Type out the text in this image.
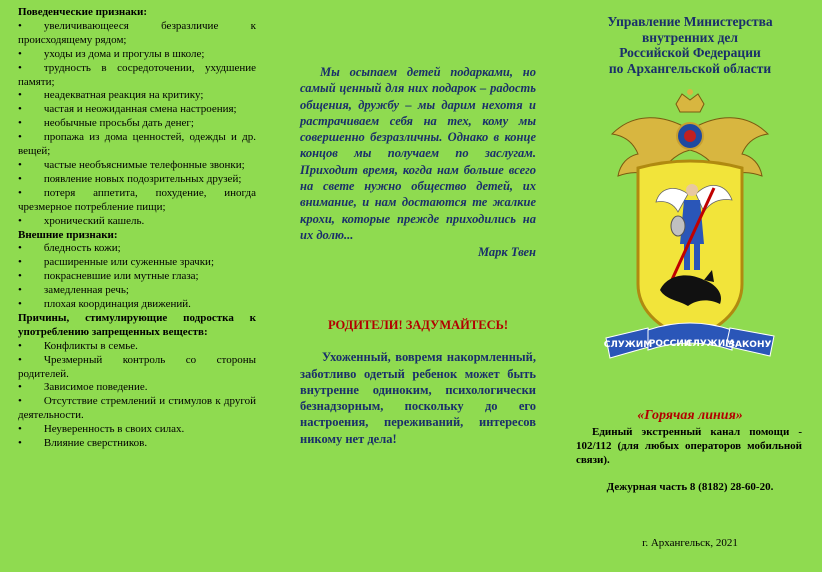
Поведенческие признаки:
• увеличивающееся безразличие к происходящему рядом;
• уходы из дома и прогулы в школе;
• трудность в сосредоточении, ухудшение памяти;
• неадекватная реакция на критику;
• частая и неожиданная смена настроения;
• необычные просьбы дать денег;
• пропажа из дома ценностей, одежды и др. вещей;
• частые необъяснимые телефонные звонки;
• появление новых подозрительных друзей;
• потеря аппетита, похудение, иногда чрезмерное потребление пищи;
• хронический кашель.
Внешние признаки:
• бледность кожи;
• расширенные или суженные зрачки;
• покрасневшие или мутные глаза;
• замедленная речь;
• плохая координация движений.
Причины, стимулирующие подростка к употреблению запрещенных веществ:
• Конфликты в семье.
• Чрезмерный контроль со стороны родителей.
• Зависимое поведение.
• Отсутствие стремлений и стимулов к другой деятельности.
• Неуверенность в своих силах.
• Влияние сверстников.

Мы осыпаем детей подарками, но самый ценный для них подарок – радость общения, дружбу – мы дарим нехотя и растрачиваем себя на тех, кому мы совершенно безразличны. Однако в конце концов мы получаем по заслугам. Приходит время, когда нам больше всего на свете нужно общество детей, их внимание, и нам достаются те жалкие крохи, которые прежде приходились на их долю...

Марк Твен
РОДИТЕЛИ! ЗАДУМАЙТЕСЬ!
Ухоженный, вовремя накормленный, заботливо одетый ребенок может быть внутренне одиноким, психологически безнадзорным, поскольку до его настроения, переживаний, интересов никому нет дела!
Управление Министерства
внутренних дел
Российской Федерации
по Архангельской области
СЛУЖИМ
РОССИИ
СЛУЖИМ
ЗАКОНУ
«Горячая линия»
Единый экстренный канал помощи - 102/112 (для любых операторов мобильной связи).
Дежурная часть 8 (8182) 28-60-20.
г. Архангельск, 2021
